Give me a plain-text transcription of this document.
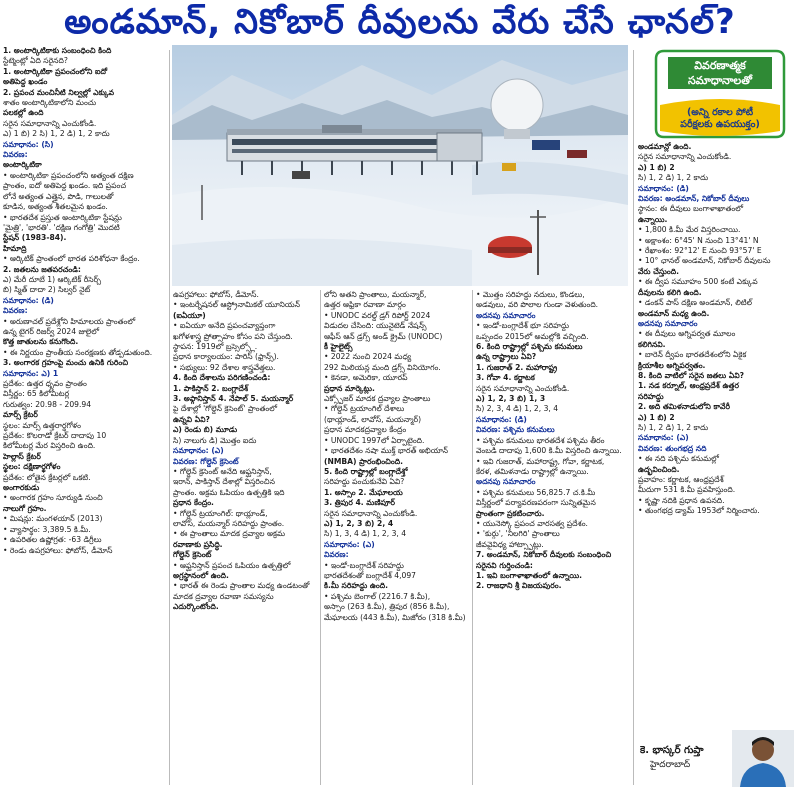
అండమాన్, నికోబార్ దీవులను వేరు చేసే ఛానల్?
వివరణాత్మక
సమాధానాలతో
(అన్ని రకాల పోటీ
పరీక్షలకు ఉపయుక్తం)

1. అంటార్కిటికాకు సంబంధించి కింది

స్టేట్మెంట్లో ఏది సరైనది?

1. అంటార్కిటికా ప్రపంచంలోని ఐదో

అతిపెద్ద ఖండం

2. ప్రపంచ మంచినీటి నిల్వల్లో ఎక్కువ

శాతం అంటార్కిటికాలోని మంచు

పలకల్లో ఉంది

సరైన సమాధానాన్ని ఎంచుకోండి.

ఎ) 1 బి) 2 సి) 1, 2 డి) 1, 2 కాదు

సమాధానం: (సి)

వివరణ:

అంటార్కిటికా

• అంటార్కిటికా ప్రపంచంలోని అత్యంత దక్షిణ

ప్రాంతం, ఐదో అతిపెద్ద ఖండం. ఇది ప్రపంచ

లోనే అత్యంత ఎత్తైన, పొడి, గాలులతో

కూడిన, అత్యంత శీతలమైన ఖండం.

• భారతదేశ ప్రస్తుత అంటార్కిటికా స్టేషన్లు

'మైత్రి', 'భారతి'. 'దక్షిణ గంగోత్రి' మొదటి

స్టేషన్ (1983-84).

హిమాద్రి

• ఆర్కిటిక్ ప్రాంతంలో భారత పరిశోధనా కేంద్రం.

2. జతలను జతపరచండి:

ఎ) మేరీ దూబే 1) ఆర్కిటిక్ రీసెర్చ్

బి) స్మిత్ దాదా 2) సిల్వర్ నైట్

సమాధానం: (డి)

వివరణ:

• అరుణాచల్ ప్రదేశ్లోని హిమాలయ ప్రాంతంలో

ఉన్న టైగర్ రిజర్వ్ 2024 జులైలో

కొత్త జాతులను కనుగొంది.

• ఈ నిర్ణయం ప్రాంతీయ సంరక్షణకు తోడ్పడుతుంది.

3. అంగారక గ్రహంపై మంచు ఉనికి గురించి

సమాధానం: ఎ) 1

ప్రదేశం: ఉత్తర ధృవం ప్రాంతం

విస్తీర్ణం: 65 కిలోమీటర్ల

గురుత్వం: 20.98 - 209.94

మార్స్ క్రేటర్

స్థలం: మార్స్ ఉత్తరార్థగోళం

ప్రదేశం: కొలరాడో క్రేటర్ దాదాపు 10

కిలోమీటర్ల మేర విస్తరించి ఉంది.

హెల్లాస్ క్రేటర్

స్థలం: దక్షిణార్థగోళం

ప్రదేశం: లోతైన క్రేటర్లలో ఒకటి.

అంగారకుడు

• అంగారక గ్రహం సూర్యుడి నుంచి

నాలుగో గ్రహం.

• మిషన్లు: మంగళయాన్ (2013)

• వ్యాసార్థం: 3,389.5 కి.మీ.

• ఉపరితల ఉష్ణోగ్రత: -63 డిగ్రీలు

• రెండు ఉపగ్రహాలు: ఫోబోస్, డీమోస్

ఉపగ్రహాలు: ఫోబోస్, డీమోస్.

• ఇంటర్నేషనల్ ఆస్ట్రోనామికల్ యూనియన్

(ఐఏయూ)

• ఐఏయూ అనేది ప్రపంచవ్యాప్తంగా

ఖగోళశాస్త్ర ప్రోత్సాహం కోసం పని చేస్తుంది.

స్థాపన: 1919లో బ్రస్సెల్స్లో.

ప్రధాన కార్యాలయం: పారిస్ (ఫ్రాన్స్).

• సభ్యులు: 92 దేశాల శాస్త్రవేత్తలు.

4. కింది దేశాలను పరిగణించండి:

1. పాకిస్తాన్ 2. బంగ్లాదేశ్

3. అఫ్గానిస్తాన్ 4. నేపాల్ 5. మయన్మార్

పై దేశాల్లో 'గోల్డెన్ క్రెసెంట్' ప్రాంతంలో

ఉన్నవి ఏవి?

ఎ) రెండు బి) మూడు

సి) నాలుగు డి) మొత్తం ఐదు

సమాధానం: (ఎ)

వివరణ: గోల్డెన్ క్రెసెంట్

• గోల్డెన్ క్రెసెంట్ అనేది ఆఫ్ఘనిస్తాన్,

ఇరాన్, పాకిస్తాన్ దేశాల్లో విస్తరించిన

ప్రాంతం. అక్రమ ఓపియం ఉత్పత్తికి ఇది

ప్రధాన కేంద్రం.

• గోల్డెన్ ట్రయాంగిల్: థాయ్లాండ్,

లావోస్, మయన్మార్ సరిహద్దు ప్రాంతం.

• ఈ ప్రాంతాలు మాదక ద్రవ్యాల అక్రమ

రవాణాకు ప్రసిద్ధి.

గోల్డెన్ క్రెసెంట్

• ఆఫ్ఘనిస్తాన్ ప్రపంచ ఓపియం ఉత్పత్తిలో

అగ్రస్థానంలో ఉంది.

• భారత్ ఈ రెండు ప్రాంతాల మధ్య ఉండటంతో

మాదక ద్రవ్యాల రవాణా సమస్యను

ఎదుర్కొంటోంది.

లోని అతని ప్రాంతాలు, మయన్మార్,

ఉత్తర ఆఫ్రికా రవాణా మార్గం

• UNODC వరల్డ్ డ్రగ్ రిపోర్ట్ 2024

విడుదల చేసింది: యునైటెడ్ నేషన్స్

ఆఫీస్ ఆన్ డ్రగ్స్ అండ్ క్రైమ్ (UNODC)

కీ హైలైట్స్

• 2022 నుంచి 2024 మధ్య

292 మిలియన్ల మంది డ్రగ్స్ వినియోగం.

• కెనడా, అమెరికా, యూరప్

ప్రధాన మార్కెట్లు.

ఎక్స్పోజర్ మాదక ద్రవ్యాల ప్రాంతాలు

• గోల్డెన్ ట్రయాంగిల్ దేశాలు

(థాయ్లాండ్, లావోస్, మయన్మార్)

ప్రధాన మాదకద్రవ్యాల కేంద్రం

• UNODC 1997లో ఏర్పాటైంది.

• భారతదేశం నషా ముక్త్ భారత్ అభియాన్

(NMBA) ప్రారంభించింది.

5. కింది రాష్ట్రాల్లో బంగ్లాదేశ్తో

సరిహద్దు పంచుకునేవి ఏవి?

1. అస్సాం 2. మేఘాలయ

3. త్రిపుర 4. మణిపూర్

సరైన సమాధానాన్ని ఎంచుకోండి.

ఎ) 1, 2, 3 బి) 2, 4

సి) 1, 3, 4 డి) 1, 2, 3, 4

సమాధానం: (ఎ)

వివరణ:

• ఇండో-బంగ్లాదేశ్ సరిహద్దు

భారతదేశంతో బంగ్లాదేశ్ 4,097

కి.మీ సరిహద్దు ఉంది.

• పశ్చిమ బెంగాల్ (2216.7 కి.మీ),

అస్సాం (263 కి.మీ), త్రిపుర (856 కి.మీ),

మేఘాలయ (443 కి.మీ), మిజోరం (318 కి.మీ)

• మొత్తం సరిహద్దు నదులు, కొండలు,

అడవులు, వరి పొలాల గుండా వెళుతుంది.

అదనపు సమాచారం

• ఇండో-బంగ్లాదేశ్ భూ సరిహద్దు

ఒప్పందం 2015లో అమల్లోకి వచ్చింది.

6. కింది రాష్ట్రాల్లో పశ్చిమ కనుమలు

ఉన్న రాష్ట్రాలు ఏవి?

1. గుజరాత్ 2. మహారాష్ట్ర

3. గోవా 4. కర్ణాటక

సరైన సమాధానాన్ని ఎంచుకోండి.

ఎ) 1, 2, 3 బి) 1, 3

సి) 2, 3, 4 డి) 1, 2, 3, 4

సమాధానం: (డి)

వివరణ: పశ్చిమ కనుమలు

• పశ్చిమ కనుమలు భారతదేశ పశ్చిమ తీరం

వెంబడి దాదాపు 1,600 కి.మీ విస్తరించి ఉన్నాయి.

• ఇవి గుజరాత్, మహారాష్ట్ర, గోవా, కర్ణాటక,

కేరళ, తమిళనాడు రాష్ట్రాల్లో ఉన్నాయి.

అదనపు సమాచారం

• పశ్చిమ కనుమలు 56,825.7 చ.కి.మీ

విస్తీర్ణంలో పర్యావరణపరంగా సున్నితమైన

ప్రాంతంగా ప్రకటించారు.

• యునెస్కో ప్రపంచ వారసత్వ ప్రదేశం.

• 'కుర్గు', 'నీలగిరి' ప్రాంతాలు

జీవవైవిధ్య హాట్స్పాట్లు.

7. అండమాన్, నికోబార్ దీవులకు సంబంధించి

సరైనవి గుర్తించండి:

1. ఇవి బంగాళాఖాతంలో ఉన్నాయి.

2. రాజధాని శ్రీ విజయపురం.

అండమాన్లో ఉంది.

సరైన సమాధానాన్ని ఎంచుకోండి.

ఎ) 1 బి) 2

సి) 1, 2 డి) 1, 2 కాదు

సమాధానం: (డి)

వివరణ: అండమాన్, నికోబార్ దీవులు

స్థానం: ఈ దీవులు బంగాళాఖాతంలో

ఉన్నాయి.

• 1,800 కి.మీ మేర విస్తరించాయి.

• అక్షాంశం: 6°45' N నుంచి 13°41' N

• రేఖాంశం: 92°12' E నుంచి 93°57' E

• 10° ఛానల్ అండమాన్, నికోబార్ దీవులను

వేరు చేస్తుంది.

• ఈ ద్వీప సమూహం 500 కంటే ఎక్కువ

దీవులను కలిగి ఉంది.

• డంకన్ పాస్ దక్షిణ అండమాన్, లిటిల్

అండమాన్ మధ్య ఉంది.

అదనపు సమాచారం

• ఈ దీవులు అగ్నిపర్వత మూలం

కలిగినవి.

• బారెన్ ద్వీపం భారతదేశంలోని ఏకైక

క్రియాశీల అగ్నిపర్వతం.

8. కింది వాటిలో సరైన జతలు ఏవి?

1. నడ కర్నూల్, ఆంధ్రప్రదేశ్ ఉత్తర

సరిహద్దు

2. అది తమిళనాడులోని కావేరీ

ఎ) 1 బి) 2

సి) 1, 2 డి) 1, 2 కాదు

సమాధానం: (ఎ)

వివరణ: తుంగభద్ర నది

• ఈ నది పశ్చిమ కనుమల్లో

ఉద్భవించింది.

ప్రవాహం: కర్ణాటక, ఆంధ్రప్రదేశ్

మీదుగా 531 కి.మీ ప్రవహిస్తుంది.

• కృష్ణా నదికి ప్రధాన ఉపనది.

• తుంగభద్ర డ్యామ్ 1953లో నిర్మించారు.

కె. భాస్కర్ గుప్తా
హైదరాబాద్
